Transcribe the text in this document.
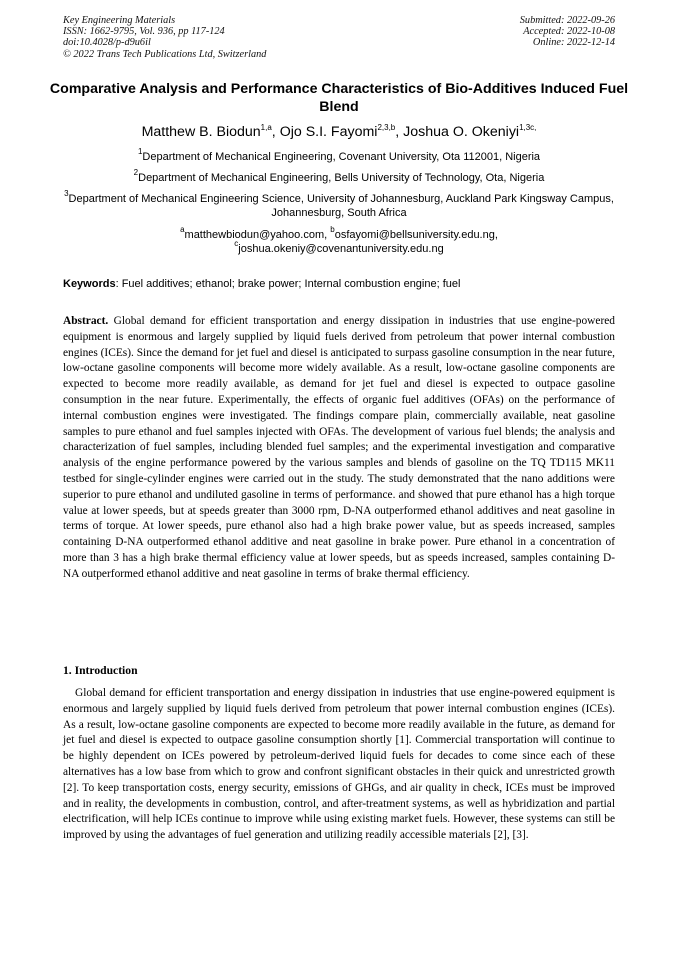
Key Engineering Materials
ISSN: 1662-9795, Vol. 936, pp 117-124
doi:10.4028/p-d9u6il
© 2022 Trans Tech Publications Ltd, Switzerland
Submitted: 2022-09-26
Accepted: 2022-10-08
Online: 2022-12-14
Comparative Analysis and Performance Characteristics of Bio-Additives Induced Fuel Blend
Matthew B. Biodun$^{1,a}$, Ojo S.I. Fayomi$^{2,3,b}$, Joshua O. Okeniyi$^{1,3c,}$
$^1$Department of Mechanical Engineering, Covenant University, Ota 112001, Nigeria
$^2$Department of Mechanical Engineering, Bells University of Technology, Ota, Nigeria
$^3$Department of Mechanical Engineering Science, University of Johannesburg, Auckland Park Kingsway Campus, Johannesburg, South Africa
$^a$matthewbiodun@yahoo.com, $^b$osfayomi@bellsuniversity.edu.ng,
$^c$joshua.okeniy@covenantuniversity.edu.ng
Keywords: Fuel additives; ethanol; brake power; Internal combustion engine; fuel
Abstract. Global demand for efficient transportation and energy dissipation in industries that use engine-powered equipment is enormous and largely supplied by liquid fuels derived from petroleum that power internal combustion engines (ICEs). Since the demand for jet fuel and diesel is anticipated to surpass gasoline consumption in the near future, low-octane gasoline components will become more widely available. As a result, low-octane gasoline components are expected to become more readily available, as demand for jet fuel and diesel is expected to outpace gasoline consumption in the near future. Experimentally, the effects of organic fuel additives (OFAs) on the performance of internal combustion engines were investigated. The findings compare plain, commercially available, neat gasoline samples to pure ethanol and fuel samples injected with OFAs. The development of various fuel blends; the analysis and characterization of fuel samples, including blended fuel samples; and the experimental investigation and comparative analysis of the engine performance powered by the various samples and blends of gasoline on the TQ TD115 MK11 testbed for single-cylinder engines were carried out in the study. The study demonstrated that the nano additions were superior to pure ethanol and undiluted gasoline in terms of performance. and showed that pure ethanol has a high torque value at lower speeds, but at speeds greater than 3000 rpm, D-NA outperformed ethanol additives and neat gasoline in terms of torque. At lower speeds, pure ethanol also had a high brake power value, but as speeds increased, samples containing D-NA outperformed ethanol additive and neat gasoline in brake power. Pure ethanol in a concentration of more than 3 has a high brake thermal efficiency value at lower speeds, but as speeds increased, samples containing D-NA outperformed ethanol additive and neat gasoline in terms of brake thermal efficiency.
1. Introduction
Global demand for efficient transportation and energy dissipation in industries that use engine-powered equipment is enormous and largely supplied by liquid fuels derived from petroleum that power internal combustion engines (ICEs). As a result, low-octane gasoline components are expected to become more readily available in the future, as demand for jet fuel and diesel is expected to outpace gasoline consumption shortly [1]. Commercial transportation will continue to be highly dependent on ICEs powered by petroleum-derived liquid fuels for decades to come since each of these alternatives has a low base from which to grow and confront significant obstacles in their quick and unrestricted growth [2]. To keep transportation costs, energy security, emissions of GHGs, and air quality in check, ICEs must be improved and in reality, the developments in combustion, control, and after-treatment systems, as well as hybridization and partial electrification, will help ICEs continue to improve while using existing market fuels. However, these systems can still be improved by using the advantages of fuel generation and utilizing readily accessible materials [2], [3].
